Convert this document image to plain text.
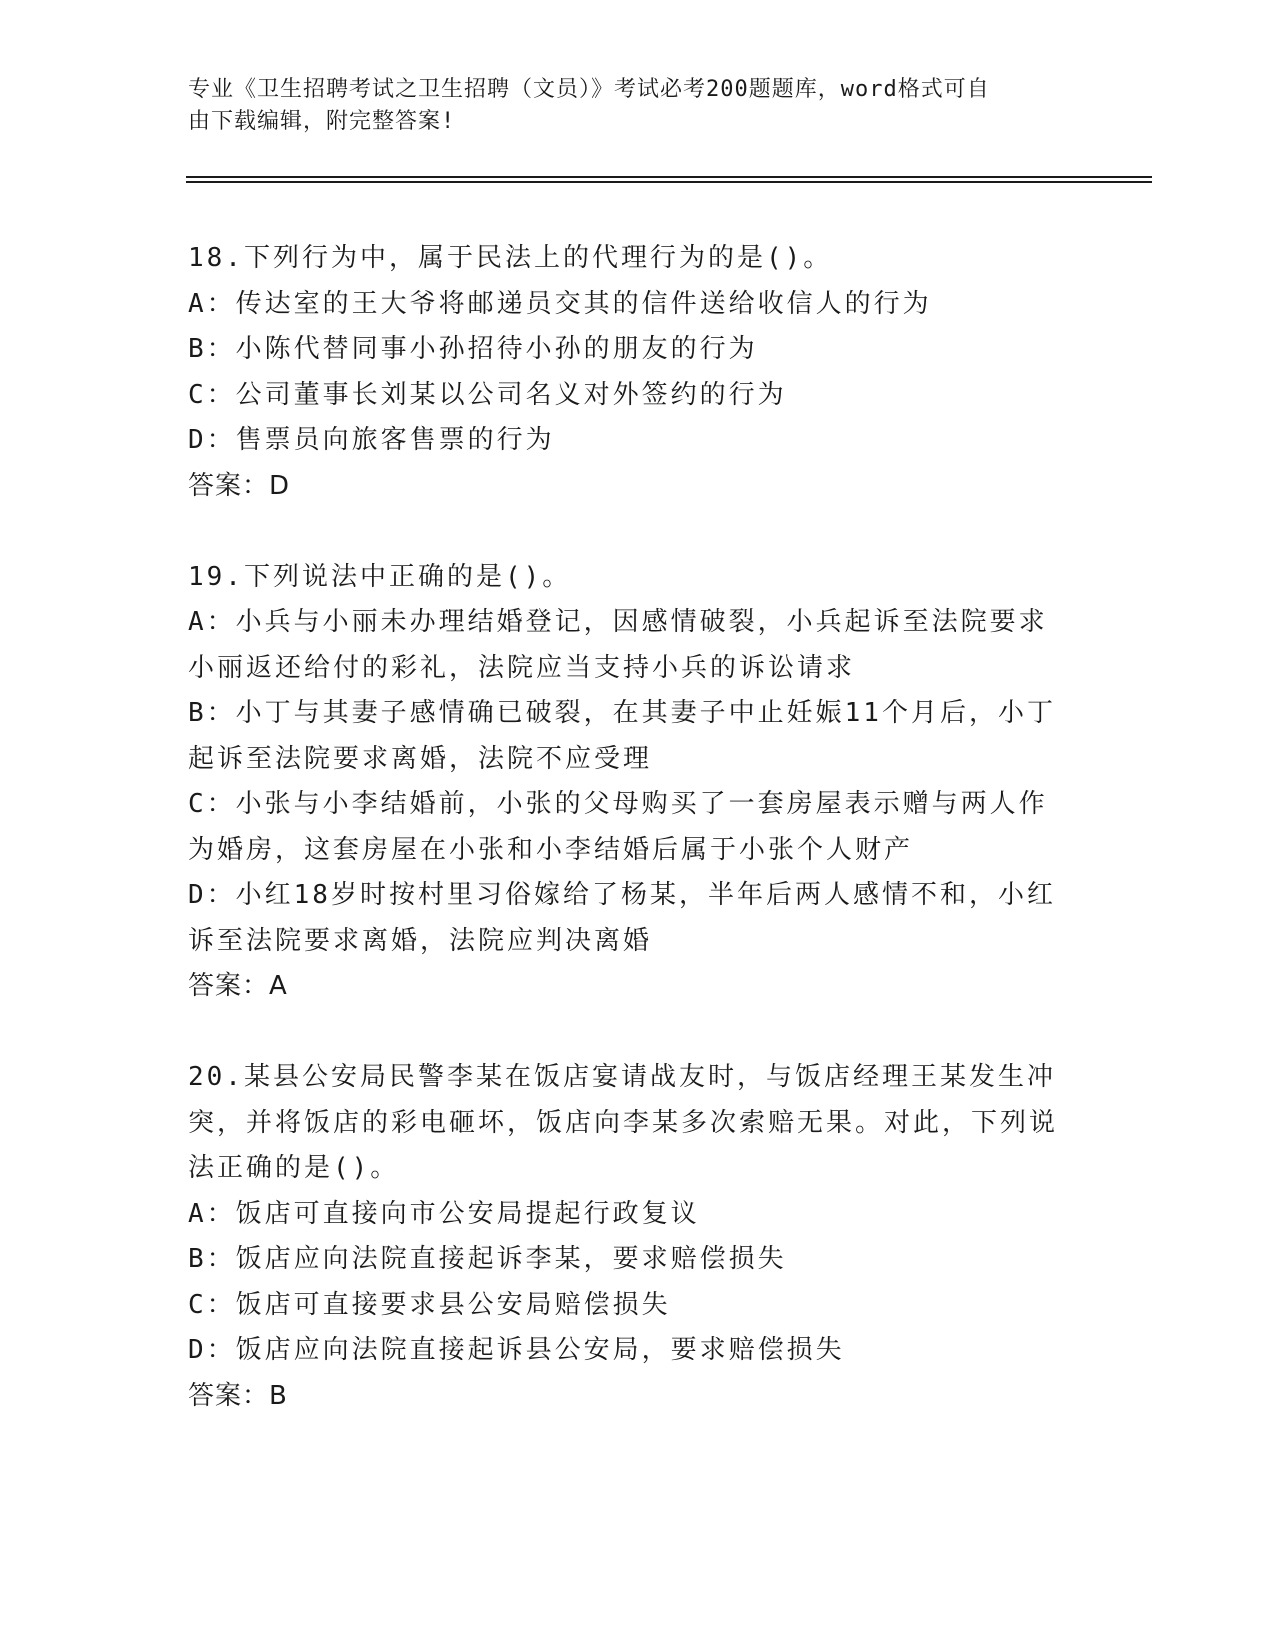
专业《卫生招聘考试之卫生招聘（文员）》考试必考200题题库，word格式可自
由下载编辑，附完整答案!

18.下列行为中，属于民法上的代理行为的是()。

A：传达室的王大爷将邮递员交其的信件送给收信人的行为

B：小陈代替同事小孙招待小孙的朋友的行为

C：公司董事长刘某以公司名义对外签约的行为

D：售票员向旅客售票的行为

答案：D

19.下列说法中正确的是()。

A：小兵与小丽未办理结婚登记，因感情破裂，小兵起诉至法院要求小丽返还给付的彩礼，法院应当支持小兵的诉讼请求

B：小丁与其妻子感情确已破裂，在其妻子中止妊娠11个月后，小丁起诉至法院要求离婚，法院不应受理

C：小张与小李结婚前，小张的父母购买了一套房屋表示赠与两人作为婚房，这套房屋在小张和小李结婚后属于小张个人财产

D：小红18岁时按村里习俗嫁给了杨某，半年后两人感情不和，小红诉至法院要求离婚，法院应判决离婚

答案：A

20.某县公安局民警李某在饭店宴请战友时，与饭店经理王某发生冲突，并将饭店的彩电砸坏，饭店向李某多次索赔无果。对此，下列说法正确的是()。

A：饭店可直接向市公安局提起行政复议

B：饭店应向法院直接起诉李某，要求赔偿损失

C：饭店可直接要求县公安局赔偿损失

D：饭店应向法院直接起诉县公安局，要求赔偿损失

答案：B
